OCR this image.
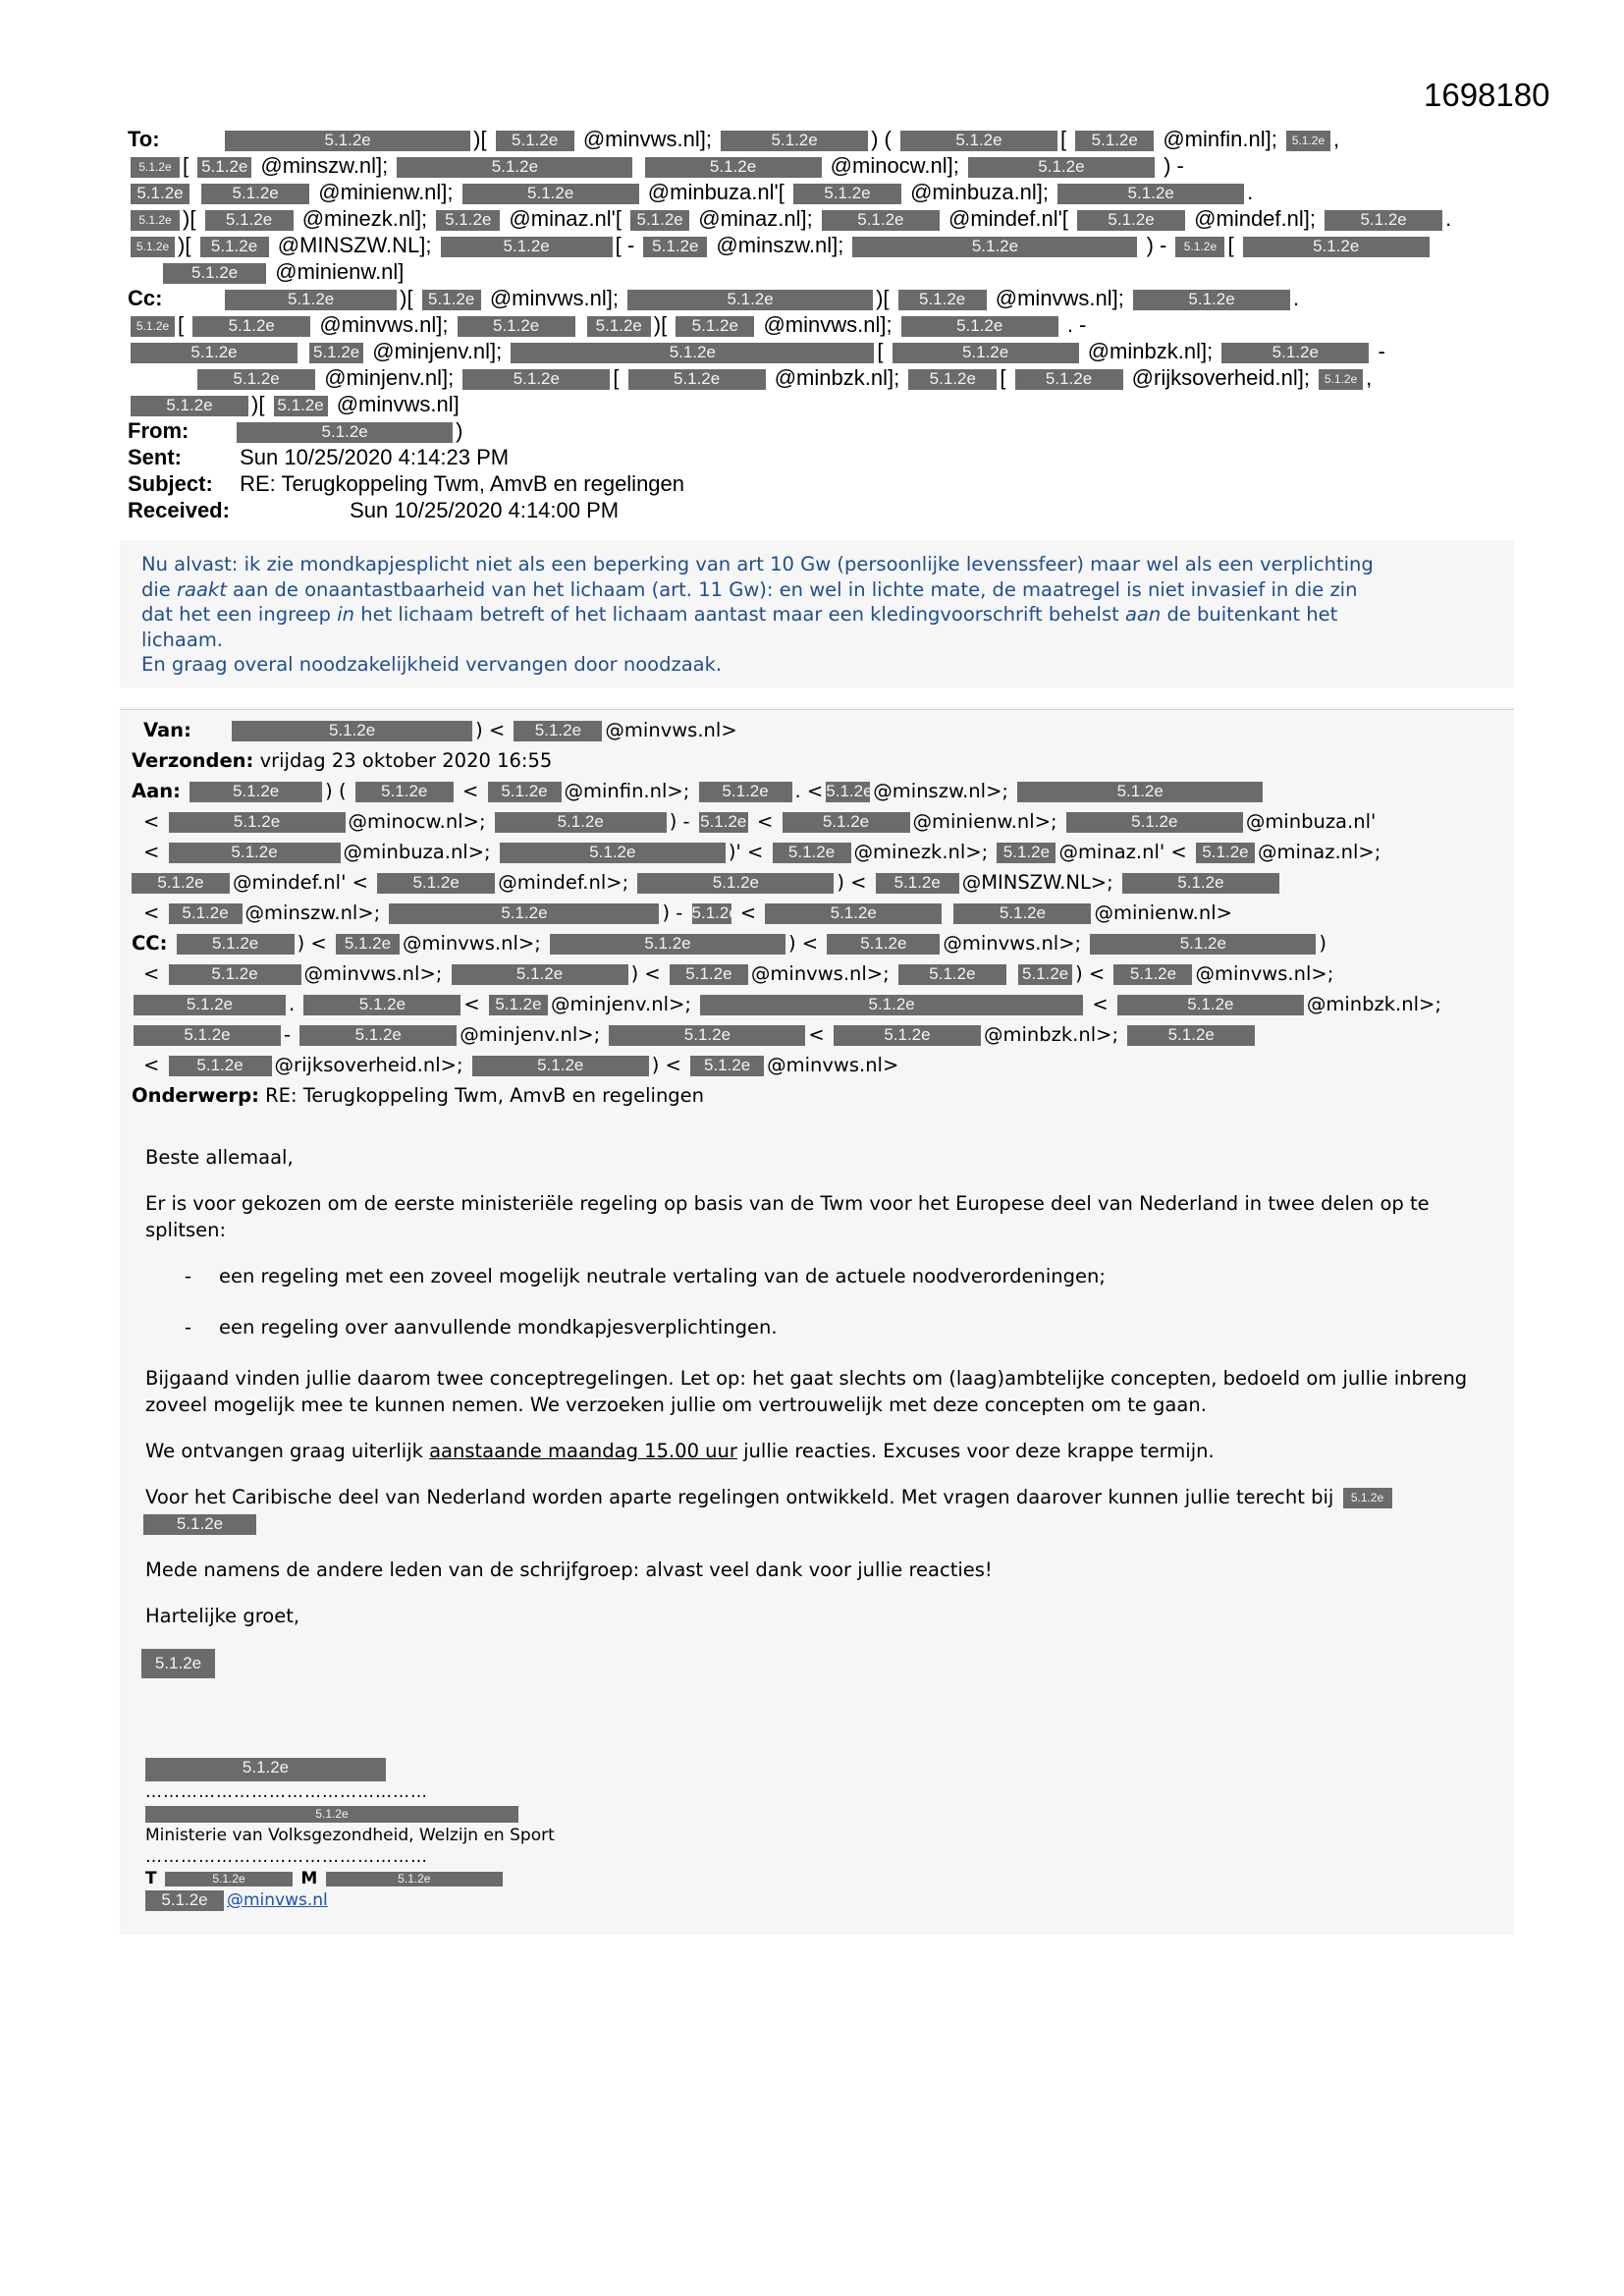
1698180
To:	5.1.2e	)[ 5.1.2e @minvws.nl];	5.1.2e ) (	5.1.2e	[ 5.1.2e @minfin.nl]; 5.1.2e ,
5.1.2e [ 5.1.2e @minszw.nl];	5.1.2e	5.1.2e	@minocw.nl];	5.1.2e	) -
5.1.2e	5.1.2e @minienw.nl];	5.1.2e	@minbuza.nl'[ 5.1.2e @minbuza.nl];	5.1.2e	.
5.1.2e )[ 5.1.2e @minezk.nl]; 5.1.2e @minaz.nl'[ 5.1.2e @minaz.nl];	5.1.2e @mindef.nl'[ 5.1.2e @mindef.nl];	5.1.2e .
5.1.2e )[ 5.1.2e @MINSZW.NL];	5.1.2e	[ - 5.1.2e @minszw.nl];	5.1.2e	) - 5.1.2e [	5.1.2e
5.1.2e @minienw.nl]
Cc:	5.1.2e	)[ 5.1.2e @minvws.nl];	5.1.2e	)[ 5.1.2e @minvws.nl];	5.1.2e	.
5.1.2e [ 5.1.2e @minvws.nl];	5.1.2e	5.1.2e )[ 5.1.2e @minvws.nl];	5.1.2e	. -
5.1.2e	5.1.2e @minjenv.nl];	5.1.2e	[	5.1.2e	@minbzk.nl];	5.1.2e	-
5.1.2e @minjenv.nl];	5.1.2e [	5.1.2e	@minbzk.nl]; 5.1.2e [ 5.1.2e @rijksoverheid.nl]; 5.1.2e ,
5.1.2e )[ 5.1.2e @minvws.nl]
From:	5.1.2e	)
Sent:	Sun 10/25/2020 4:14:23 PM
Subject: RE: Terugkoppeling Twm, AmvB en regelingen
Received:	Sun 10/25/2020 4:14:00 PM

Nu alvast: ik zie mondkapjesplicht niet als een beperking van art 10 Gw (persoonlijke levenssfeer) maar wel als een verplichting

die raakt aan de onaantastbaarheid van het lichaam (art. 11 Gw): en wel in lichte mate, de maatregel is niet invasief in die zin

dat het een ingreep in het lichaam betreft of het lichaam aantast maar een kledingvoorschrift behelst aan de buitenkant het

lichaam.

En graag overal noodzakelijkheid vervangen door noodzaak.

Van:	5.1.2e	) < 5.1.2e @minvws.nl>
Verzonden: vrijdag 23 oktober 2020 16:55
Aan:	5.1.2e ) ( 5.1.2e < 5.1.2e @minfin.nl>; 5.1.2e . < 5.1.2e@minszw.nl>;	5.1.2e
<	5.1.2e	@minocw.nl>;	5.1.2e	) - 5.1.2e <	5.1.2e @minienw.nl>;	5.1.2e	@minbuza.nl'
<	5.1.2e	@minbuza.nl>;	5.1.2e	)' < 5.1.2e @minezk.nl>; 5.1.2e @minaz.nl' < 5.1.2e @minaz.nl>;
5.1.2e @mindef.nl' < 5.1.2e @mindef.nl>;	5.1.2e	) < 5.1.2e @MINSZW.NL>;	5.1.2e
< 5.1.2e @minszw.nl>;	5.1.2e	) - 5.1.2e <	5.1.2e	5.1.2e	@minienw.nl>
CC:	5.1.2e ) < 5.1.2e @minvws.nl>;	5.1.2e	) < 5.1.2e @minvws.nl>;	5.1.2e	)
<	5.1.2e @minvws.nl>;	5.1.2e	) < 5.1.2e @minvws.nl>; 5.1.2e	5.1.2e ) < 5.1.2e @minvws.nl>;
5.1.2e	.	5.1.2e	< 5.1.2e @minjenv.nl>;	5.1.2e	<	5.1.2e	@minbzk.nl>;
5.1.2e	-	5.1.2e	@minjenv.nl>;	5.1.2e	<	5.1.2e	@minbzk.nl>;	5.1.2e
< 5.1.2e @rijksoverheid.nl>;	5.1.2e	) < 5.1.2e @minvws.nl>
Onderwerp: RE: Terugkoppeling Twm, AmvB en regelingen

Beste allemaal,

Er is voor gekozen om de eerste ministeriële regeling op basis van de Twm voor het Europese deel van Nederland in twee delen op te splitsen:

- een regeling met een zoveel mogelijk neutrale vertaling van de actuele noodverordeningen;
- een regeling over aanvullende mondkapjesverplichtingen.

Bijgaand vinden jullie daarom twee conceptregelingen. Let op: het gaat slechts om (laag)ambtelijke concepten, bedoeld om jullie inbreng zoveel mogelijk mee te kunnen nemen. We verzoeken jullie om vertrouwelijk met deze concepten om te gaan.

We ontvangen graag uiterlijk aanstaande maandag 15.00 uur jullie reacties. Excuses voor deze krappe termijn.

Voor het Caribische deel van Nederland worden aparte regelingen ontwikkeld. Met vragen daarover kunnen jullie terecht bij 5.1.2e
5.1.2e

Mede namens de andere leden van de schrijfgroep: alvast veel dank voor jullie reacties!

Hartelijke groet,

5.1.2e

5.1.2e
…………………………………………
5.1.2e
Ministerie van Volksgezondheid, Welzijn en Sport
…………………………………………
T	5.1.2e	M	5.1.2e
5.1.2e @minvws.nl
